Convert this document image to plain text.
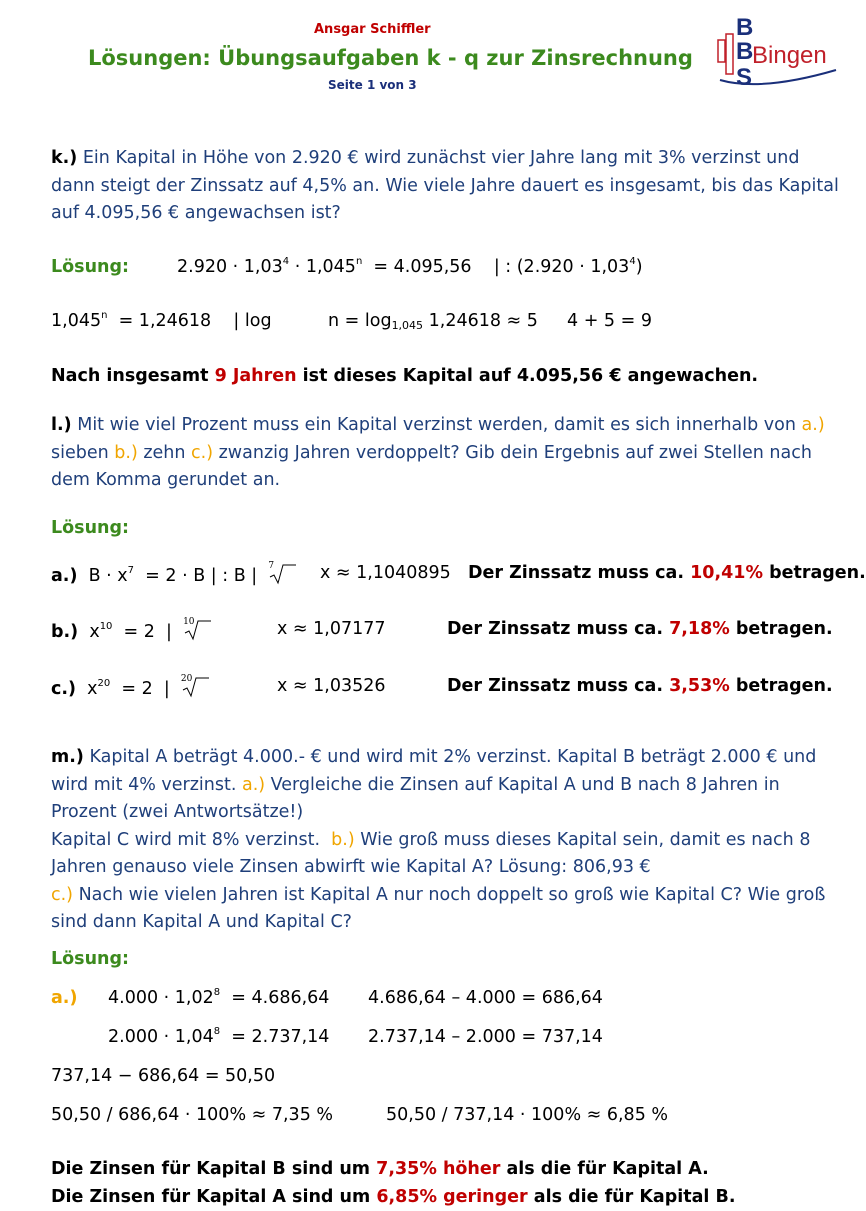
Ansgar Schiffler
Lösungen: Übungsaufgaben k - q zur Zinsrechnung
Seite 1 von 3
B
B
S
Bingen
k.) Ein Kapital in Höhe von 2.920 € wird zunächst vier Jahre lang mit 3% verzinst und dann steigt der Zinssatz auf 4,5% an. Wie viele Jahre dauert es insgesamt, bis das Kapital auf 4.095,56 € angewachsen ist?
Lösung:	$2.920 \cdot 1,03^4 \cdot 1,045^n = 4.095,56$    | : $(2.920 \cdot 1,03^4)$
1,045$^n$  = 1,24618    | log	$n = \log_{1,045} 1,24618 \approx 5$ 4 + 5 = 9
Nach insgesamt 9 Jahren ist dieses Kapital auf 4.095,56 € angewachen.
l.) Mit wie viel Prozent muss ein Kapital verzinst werden, damit es sich innerhalb von a.) sieben b.) zehn c.) zwanzig Jahren verdoppelt? Gib dein Ergebnis auf zwei Stellen nach dem Komma gerundet an.
Lösung:
a.) $B \cdot x^7 = 2 \cdot B$ | : B | 7	x ≈ 1,1040895 Der Zinssatz muss ca. 10,41% betragen.
b.) $x^{10} = 2$  | 10	x ≈ 1,07177	Der Zinssatz muss ca. 7,18% betragen.
c.) $x^{20} = 2$  | 20	x ≈ 1,03526	Der Zinssatz muss ca. 3,53% betragen.
m.) Kapital A beträgt 4.000.- € und wird mit 2% verzinst. Kapital B beträgt 2.000 € und wird mit 4% verzinst. a.) Vergleiche die Zinsen auf Kapital A und B nach 8 Jahren in Prozent (zwei Antwortsätze!)
Kapital C wird mit 8% verzinst.  b.) Wie groß muss dieses Kapital sein, damit es nach 8 Jahren genauso viele Zinsen abwirft wie Kapital A? Lösung: 806,93 €
c.) Nach wie vielen Jahren ist Kapital A nur noch doppelt so groß wie Kapital C? Wie groß sind dann Kapital A und Kapital C?
Lösung:
a.) $4.000 \cdot 1,02^8 = 4.686,64$ 4.686,64 – 4.000 = 686,64
$2.000 \cdot 1,04^8 = 2.737,14$ 2.737,14 – 2.000 = 737,14
737,14 − 686,64 = 50,50
50,50 / 686,64 · 100% ≈ 7,35 %	50,50 / 737,14 · 100% ≈ 6,85 %
Die Zinsen für Kapital B sind um 7,35% höher als die für Kapital A.
Die Zinsen für Kapital A sind um 6,85% geringer als die für Kapital B.
